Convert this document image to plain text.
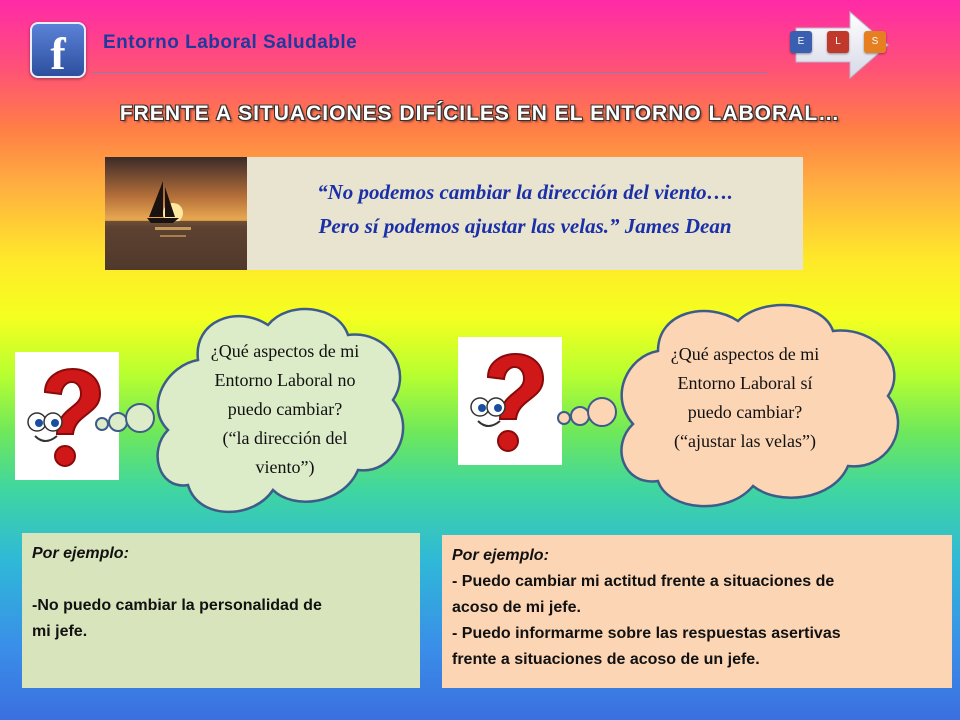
f	Entorno Laboral Saludable	E	L	S
FRENTE A SITUACIONES DIFÍCILES EN EL ENTORNO LABORAL…
“No podemos cambiar la dirección del viento….
Pero sí podemos ajustar las velas.” James Dean
¿Qué aspectos de mi
Entorno Laboral no
puedo cambiar?
(“la dirección del
viento”)
¿Qué aspectos de mi
Entorno Laboral sí
puedo cambiar?
(“ajustar las velas”)
Por ejemplo:
-No puedo cambiar la personalidad de
mi jefe.
Por ejemplo:
- Puedo cambiar mi actitud frente a situaciones de
acoso de mi jefe.
- Puedo informarme sobre las respuestas asertivas
frente a situaciones de acoso de un jefe.
